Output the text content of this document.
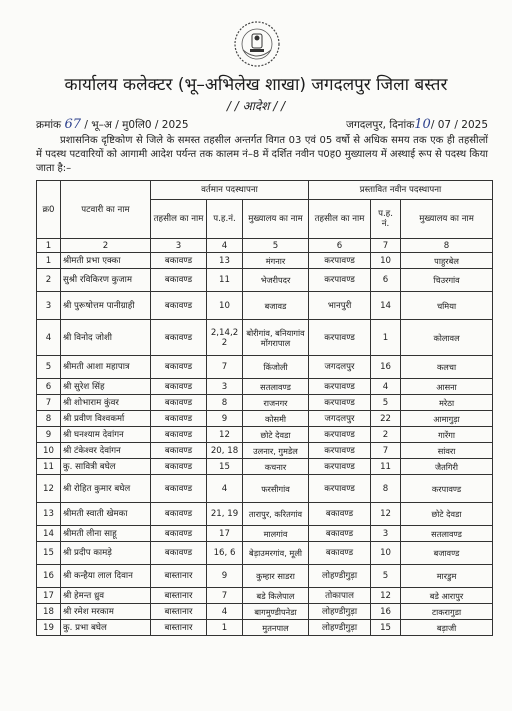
कार्यालय कलेक्टर (भू–अभिलेख शाखा) जगदलपुर जिला बस्तर
/ / आदेश / /
क्रमांक 67 / भू–अ / मु0लि0 / 2025	जगदलपुर, दिनांक10/ 07 / 2025
प्रशासनिक दृष्टिकोण से जिले के समस्त तहसील अन्तर्गत विगत 03 एवं 05 वर्षो से अधिक समय तक एक ही तहसीलों में पदस्थ पटवारियों को आगामी आदेश पर्यन्त तक कालम नं–8 में दर्शित नवीन प0ह0 मुख्यालय में अस्थाई रूप से पदस्थ किया जाता है:–
क्र0	पटवारी का नाम	वर्तमान पदस्थापना			प्रस्तावित नवीन पदस्थापना		
		तहसील का नाम	प.ह.नं.	मुख्यालय का नाम	तहसील का नाम	प.ह. नं.	मुख्यालय का नाम
1	2	3	4	5	6	7	8
1	श्रीमती प्रभा एक्का	बकावण्ड	13	मंगनार	करपावण्ड	10	पाहुरबेल
2	सुश्री रविकिरण कुजाम	बकावण्ड	11	भेजरीपदर	करपावण्ड	6	चिउरगांव
3	श्री पुरूषोत्तम पानीग्राही	बकावण्ड	10	बजावड	भानपुरी	14	चमिया
4	श्री विनोद जोशी	बकावण्ड	2,14,2 2	बोरीगांव, बनियागांव मोंगरापाल	करपावण्ड	1	कोलावल
5	श्रीमती आशा महापात्र	बकावण्ड	7	किंजोली	जगदलपुर	16	कलचा
6	श्री सुरेश सिंह	बकावण्ड	3	सतलावण्ड	करपावण्ड	4	आसना
7	श्री शोभाराम कुंवर	बकावण्ड	8	राजनगर	करपावण्ड	5	मरेठा
8	श्री प्रवीण विश्वकर्मा	बकावण्ड	9	कोसमी	जगदलपुर	22	आमागुड़ा
9	श्री घनश्याम देवांगन	बकावण्ड	12	छोटे देवडा	करपावण्ड	2	गारेंगा
10	श्री टंकेश्वर देवांगन	बकावण्ड	20, 18	उलनार, गुमडेल	करपावण्ड	7	सांवरा
11	कु. सावित्री बघेल	बकावण्ड	15	कचनार	करपावण्ड	11	जैतगिरी
12	श्री रोहित कुमार बघेल	बकावण्ड	4	फरसीगांव	करपावण्ड	8	करपावण्ड
13	श्रीमती स्वाती खेमका	बकावण्ड	21, 19	तारापुर, करितगांव	बकावण्ड	12	छोटे देवडा
14	श्रीमती लीना साहू	बकावण्ड	17	मालगांव	बकावण्ड	3	सतलावण्ड
15	श्री प्रदीप कामड़े	बकावण्ड	16, 6	बेड़ाउमरगांव, मूली	बकावण्ड	10	बजावण्ड
16	श्री कन्हैया लाल दिवान	बास्तानार	9	कुम्हार साडरा	लोहण्डीगुड़ा	5	मारडुम
17	श्री हेमन्त ध्रुव	बास्तानार	7	बडे किलेपाल	तोकापाल	12	बडे आरापुर
18	श्री रमेश मरकाम	बास्तानार	4	बागमुण्डीपनेडा	लोहण्डीगुड़ा	16	टाकरागुडा
19	कु. प्रभा बघेल	बास्तानार	1	मुतनपाल	लोहण्डीगुड़ा	15	बड़ाजी
